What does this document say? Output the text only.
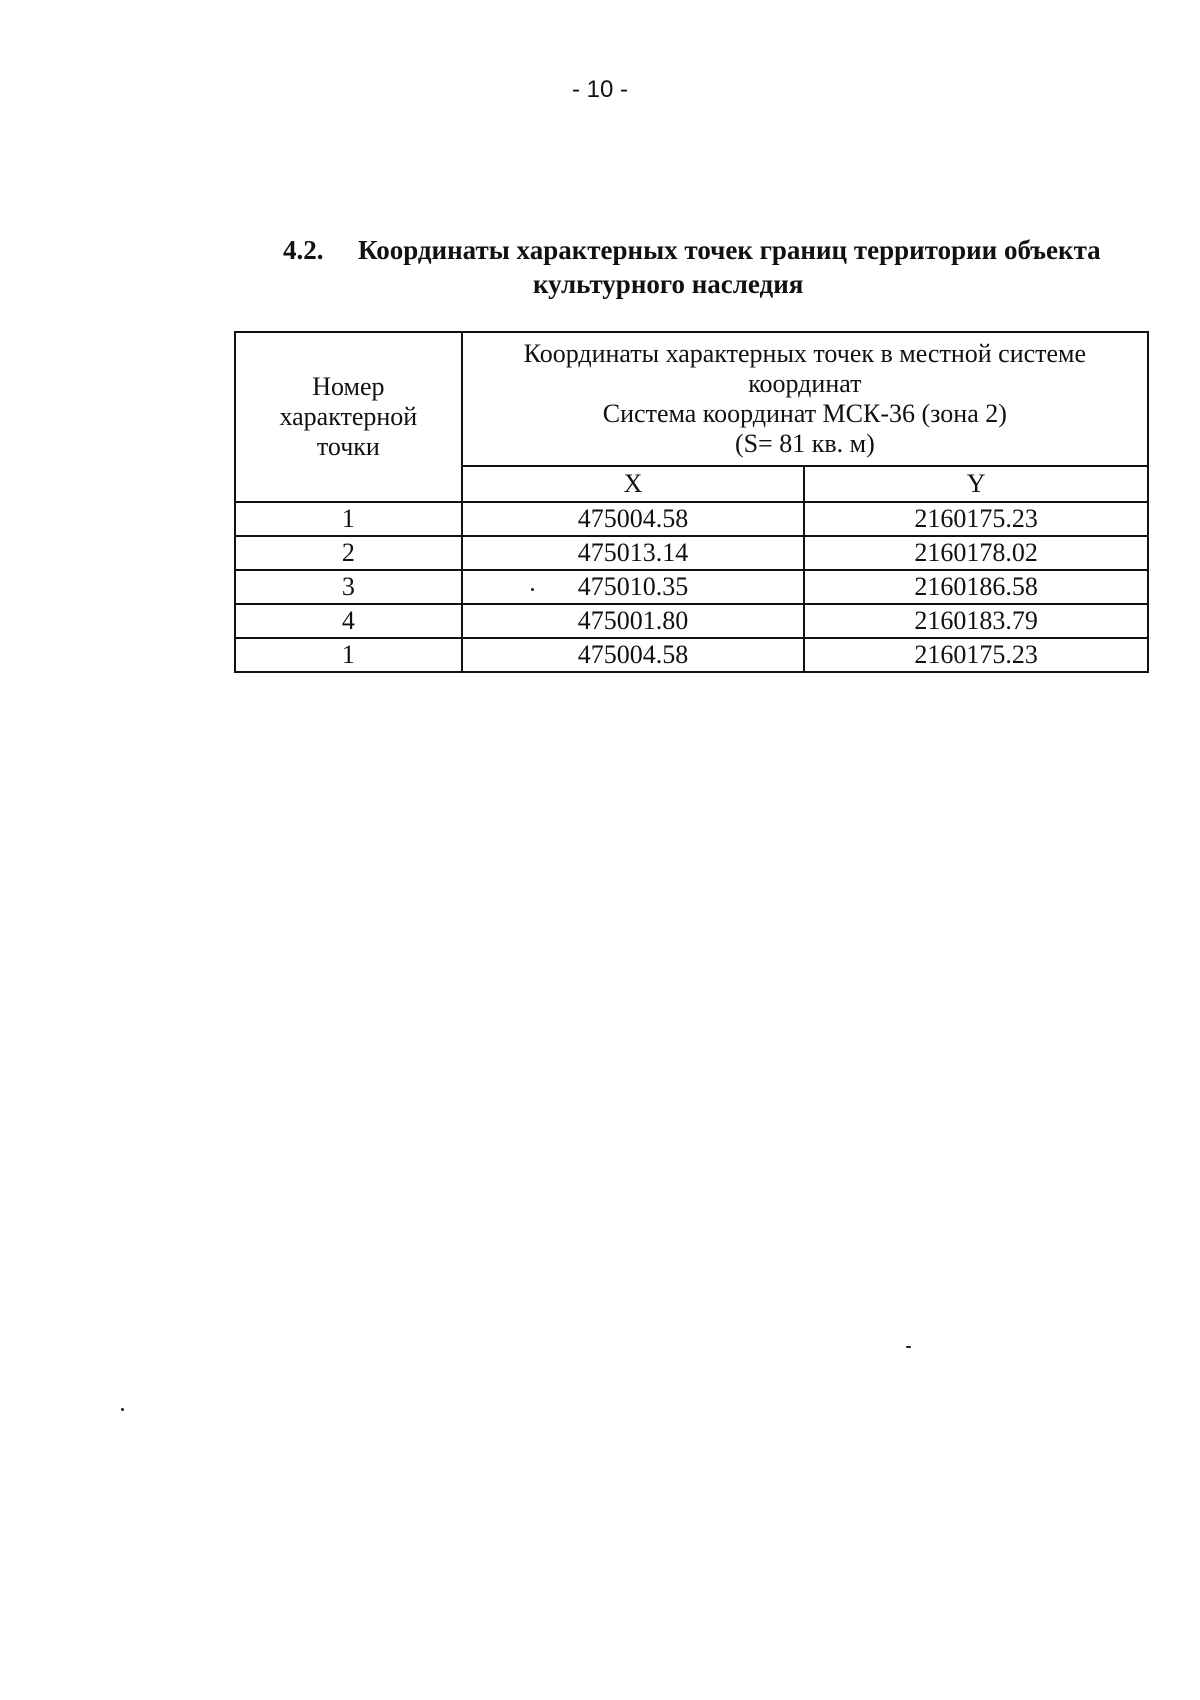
- 10 -
4.2. Координаты характерных точек границ территории объекта
культурного наследия
Номер
характерной
точки	Координаты характерных точек в местной системе
координат
Система координат МСК-36 (зона 2)
(S= 81 кв. м)	

	X	Y
1	475004.58	2160175.23
2	475013.14	2160178.02
3	475010.35	2160186.58
4	475001.80	2160183.79
1	475004.58	2160175.23
